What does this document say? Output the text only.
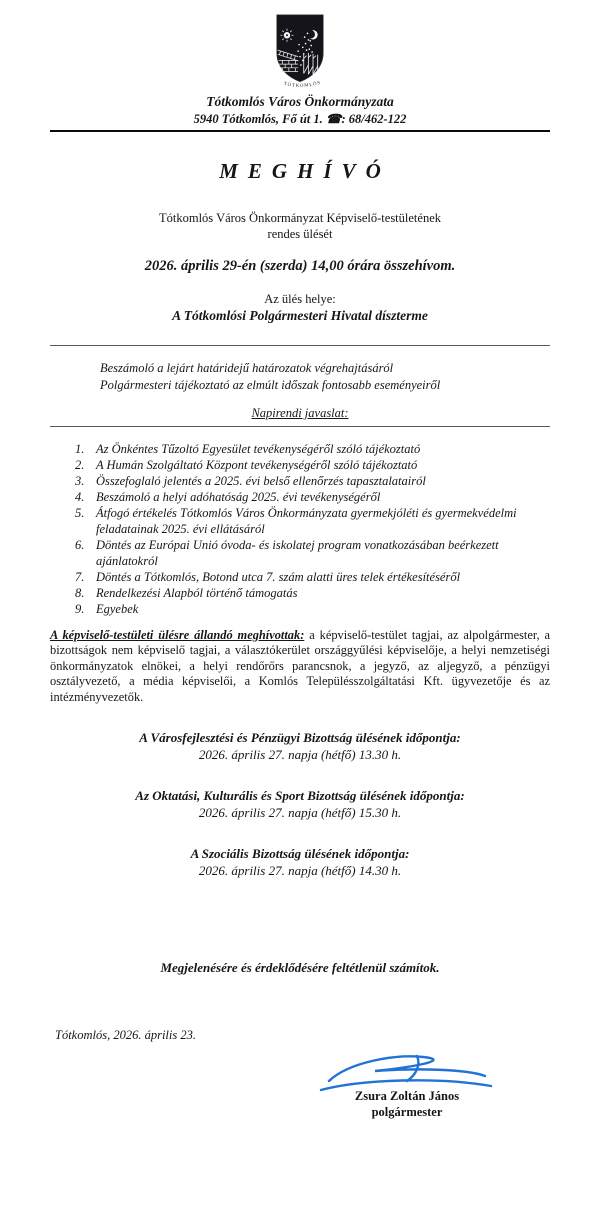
TÓTKOMLÓS
Tótkomlós Város Önkormányzata
5940 Tótkomlós, Fő út 1. ☎: 68/462-122
MEGHÍVÓ
Tótkomlós Város Önkormányzat Képviselő-testületének
rendes ülését
2026. április 29-én (szerda) 14,00 órára összehívom.
Az ülés helye:
A Tótkomlósi Polgármesteri Hivatal díszterme
Beszámoló a lejárt határidejű határozatok végrehajtásáról
Polgármesteri tájékoztató az elmúlt időszak fontosabb eseményeiről
Napirendi javaslat:
Az Önkéntes Tűzoltó Egyesület tevékenységéről szóló tájékoztató
A Humán Szolgáltató Központ tevékenységéről szóló tájékoztató
Összefoglaló jelentés a 2025. évi belső ellenőrzés tapasztalatairól
Beszámoló a helyi adóhatóság 2025. évi tevékenységéről
Átfogó értékelés Tótkomlós Város Önkormányzata gyermekjóléti és gyermekvédelmi feladatainak 2025. évi ellátásáról
Döntés az Európai Unió óvoda- és iskolatej program vonatkozásában beérkezett ajánlatokról
Döntés a Tótkomlós, Botond utca 7. szám alatti üres telek értékesítéséről
Rendelkezési Alapból történő támogatás
Egyebek

A képviselő-testületi ülésre állandó meghívottak: a képviselő-testület tagjai, az alpolgármester, a bizottságok nem képviselő tagjai, a választókerület országgyűlési képviselője, a helyi nemzetiségi önkormányzatok elnökei, a helyi rendőrőrs parancsnok, a jegyző, az aljegyző, a pénzügyi osztályvezető, a média képviselői, a Komlós Településszolgáltatási Kft. ügyvezetője és az intézményvezetők.

A Városfejlesztési és Pénzügyi Bizottság ülésének időpontja:
2026. április 27. napja (hétfő) 13.30 h.
Az Oktatási, Kulturális és Sport Bizottság ülésének időpontja:
2026. április 27. napja (hétfő) 15.30 h.
A Szociális Bizottság ülésének időpontja:
2026. április 27. napja (hétfő) 14.30 h.
Megjelenésére és érdeklődésére feltétlenül számítok.
Tótkomlós, 2026. április 23.
Zsura Zoltán János
polgármester
